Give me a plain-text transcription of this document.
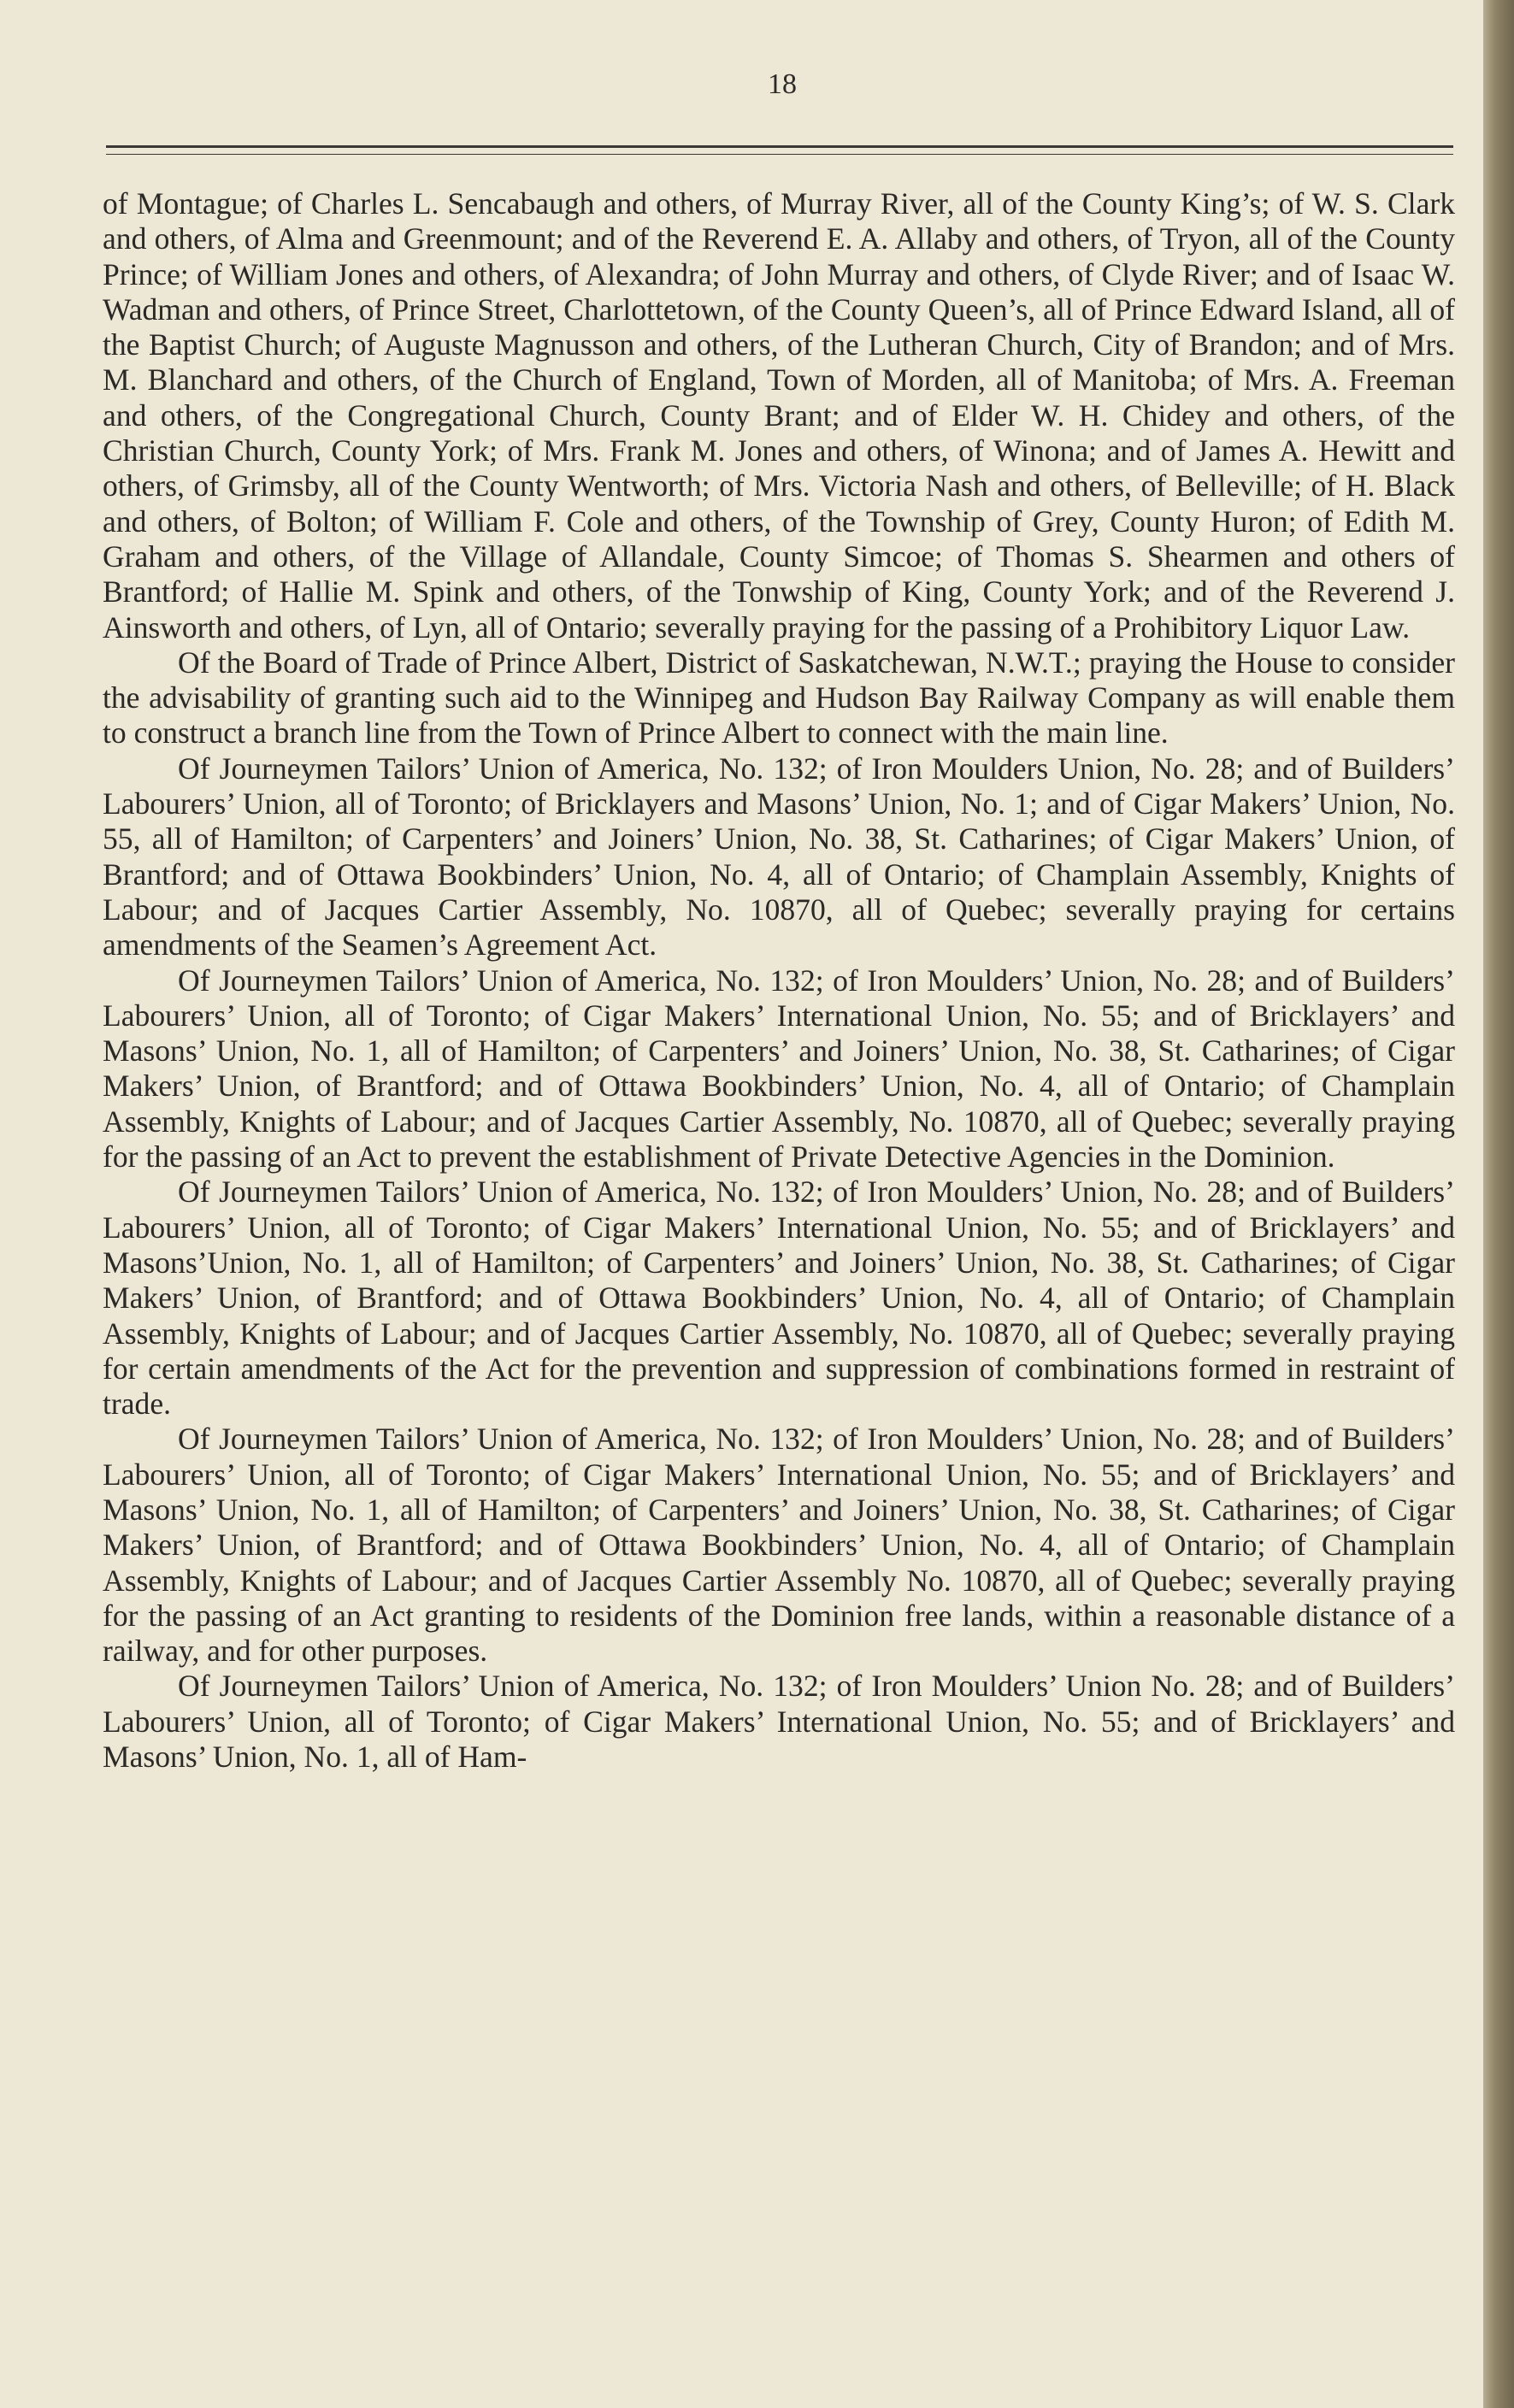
18

of Montague; of Charles L. Sencabaugh and others, of Murray River, all of the County King’s; of W. S. Clark and others, of Alma and Greenmount; and of the Reverend E. A. Allaby and others, of Tryon, all of the County Prince; of William Jones and others, of Alexandra; of John Murray and others, of Clyde River; and of Isaac W. Wadman and others, of Prince Street, Charlottetown, of the County Queen’s, all of Prince Edward Island, all of the Baptist Church; of Auguste Magnusson and others, of the Lutheran Church, City of Brandon; and of Mrs. M. Blanchard and others, of the Church of England, Town of Morden, all of Manitoba; of Mrs. A. Freeman and others, of the Congregational Church, County Brant; and of Elder W. H. Chidey and others, of the Christian Church, County York; of Mrs. Frank M. Jones and others, of Winona; and of James A. Hewitt and others, of Grimsby, all of the County Wentworth; of Mrs. Victoria Nash and others, of Belleville; of H. Black and others, of Bolton; of William F. Cole and others, of the Township of Grey, County Huron; of Edith M. Graham and others, of the Village of Allandale, County Simcoe; of Thomas S. Shearmen and others of Brantford; of Hallie M. Spink and others, of the Tonwship of King, County York; and of the Reverend J. Ainsworth and others, of Lyn, all of Ontario; severally praying for the passing of a Prohibitory Liquor Law.

Of the Board of Trade of Prince Albert, District of Saskatchewan, N.W.T.; praying the House to consider the advisability of granting such aid to the Winnipeg and Hudson Bay Railway Company as will enable them to construct a branch line from the Town of Prince Albert to connect with the main line.

Of Journeymen Tailors’ Union of America, No. 132; of Iron Moulders Union, No. 28; and of Builders’ Labourers’ Union, all of Toronto; of Bricklayers and Masons’ Union, No. 1; and of Cigar Makers’ Union, No. 55, all of Hamilton; of Carpenters’ and Joiners’ Union, No. 38, St. Catharines; of Cigar Makers’ Union, of Brantford; and of Ottawa Bookbinders’ Union, No. 4, all of Ontario; of Champlain Assembly, Knights of Labour; and of Jacques Cartier Assembly, No. 10870, all of Quebec; severally praying for certains amendments of the Seamen’s Agreement Act.

Of Journeymen Tailors’ Union of America, No. 132; of Iron Moulders’ Union, No. 28; and of Builders’ Labourers’ Union, all of Toronto; of Cigar Makers’ International Union, No. 55; and of Bricklayers’ and Masons’ Union, No. 1, all of Hamilton; of Carpenters’ and Joiners’ Union, No. 38, St. Catharines; of Cigar Makers’ Union, of Brantford; and of Ottawa Bookbinders’ Union, No. 4, all of Ontario; of Champlain Assembly, Knights of Labour; and of Jacques Cartier Assembly, No. 10870, all of Quebec; severally praying for the passing of an Act to prevent the establishment of Private Detective Agencies in the Dominion.

Of Journeymen Tailors’ Union of America, No. 132; of Iron Moulders’ Union, No. 28; and of Builders’ Labourers’ Union, all of Toronto; of Cigar Makers’ International Union, No. 55; and of Bricklayers’ and Masons’Union, No. 1, all of Hamilton; of Carpenters’ and Joiners’ Union, No. 38, St. Catharines; of Cigar Makers’ Union, of Brantford; and of Ottawa Bookbinders’ Union, No. 4, all of Ontario; of Champlain Assembly, Knights of Labour; and of Jacques Cartier Assembly, No. 10870, all of Quebec; severally praying for certain amendments of the Act for the prevention and suppression of combinations formed in restraint of trade.

Of Journeymen Tailors’ Union of America, No. 132; of Iron Moulders’ Union, No. 28; and of Builders’ Labourers’ Union, all of Toronto; of Cigar Makers’ International Union, No. 55; and of Bricklayers’ and Masons’ Union, No. 1, all of Hamilton; of Carpenters’ and Joiners’ Union, No. 38, St. Catharines; of Cigar Makers’ Union, of Brantford; and of Ottawa Bookbinders’ Union, No. 4, all of Ontario; of Champlain Assembly, Knights of Labour; and of Jacques Cartier Assembly No. 10870, all of Quebec; severally praying for the passing of an Act granting to residents of the Dominion free lands, within a reasonable distance of a railway, and for other purposes.

Of Journeymen Tailors’ Union of America, No. 132; of Iron Moulders’ Union No. 28; and of Builders’ Labourers’ Union, all of Toronto; of Cigar Makers’ International Union, No. 55; and of Bricklayers’ and Masons’ Union, No. 1, all of Ham-
